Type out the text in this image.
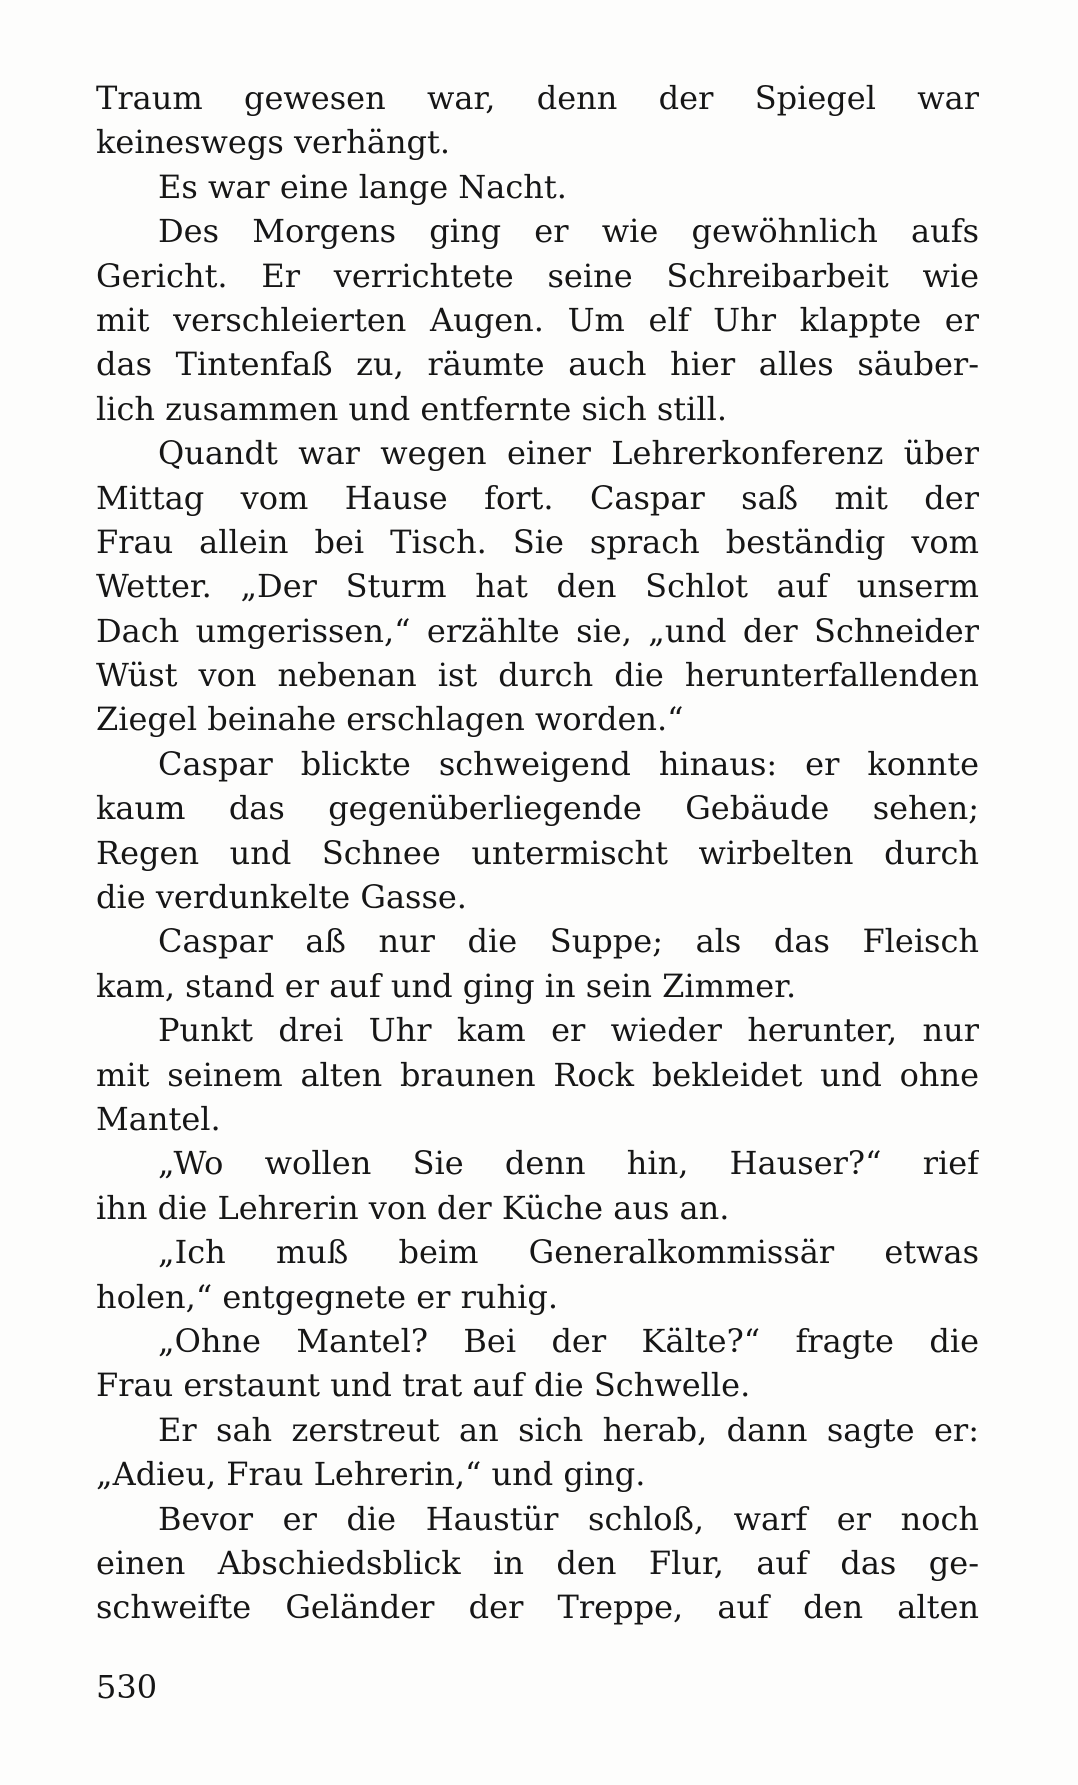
Traum gewesen war, denn der Spiegel war
keineswegs verhängt.
Es war eine lange Nacht.
Des Morgens ging er wie gewöhnlich aufs
Gericht. Er verrichtete seine Schreibarbeit wie
mit verschleierten Augen. Um elf Uhr klappte er
das Tintenfaß zu, räumte auch hier alles säuber-
lich zusammen und entfernte sich still.
Quandt war wegen einer Lehrerkonferenz über
Mittag vom Hause fort. Caspar saß mit der
Frau allein bei Tisch. Sie sprach beständig vom
Wetter. „Der Sturm hat den Schlot auf unserm
Dach umgerissen,“ erzählte sie, „und der Schneider
Wüst von nebenan ist durch die herunterfallenden
Ziegel beinahe erschlagen worden.“
Caspar blickte schweigend hinaus: er konnte
kaum das gegenüberliegende Gebäude sehen;
Regen und Schnee untermischt wirbelten durch
die verdunkelte Gasse.
Caspar aß nur die Suppe; als das Fleisch
kam, stand er auf und ging in sein Zimmer.
Punkt drei Uhr kam er wieder herunter, nur
mit seinem alten braunen Rock bekleidet und ohne
Mantel.
„Wo wollen Sie denn hin, Hauser?“ rief
ihn die Lehrerin von der Küche aus an.
„Ich muß beim Generalkommissär etwas
holen,“ entgegnete er ruhig.
„Ohne Mantel? Bei der Kälte?“ fragte die
Frau erstaunt und trat auf die Schwelle.
Er sah zerstreut an sich herab, dann sagte er:
„Adieu, Frau Lehrerin,“ und ging.
Bevor er die Haustür schloß, warf er noch
einen Abschiedsblick in den Flur, auf das ge-
schweifte Geländer der Treppe, auf den alten
530
